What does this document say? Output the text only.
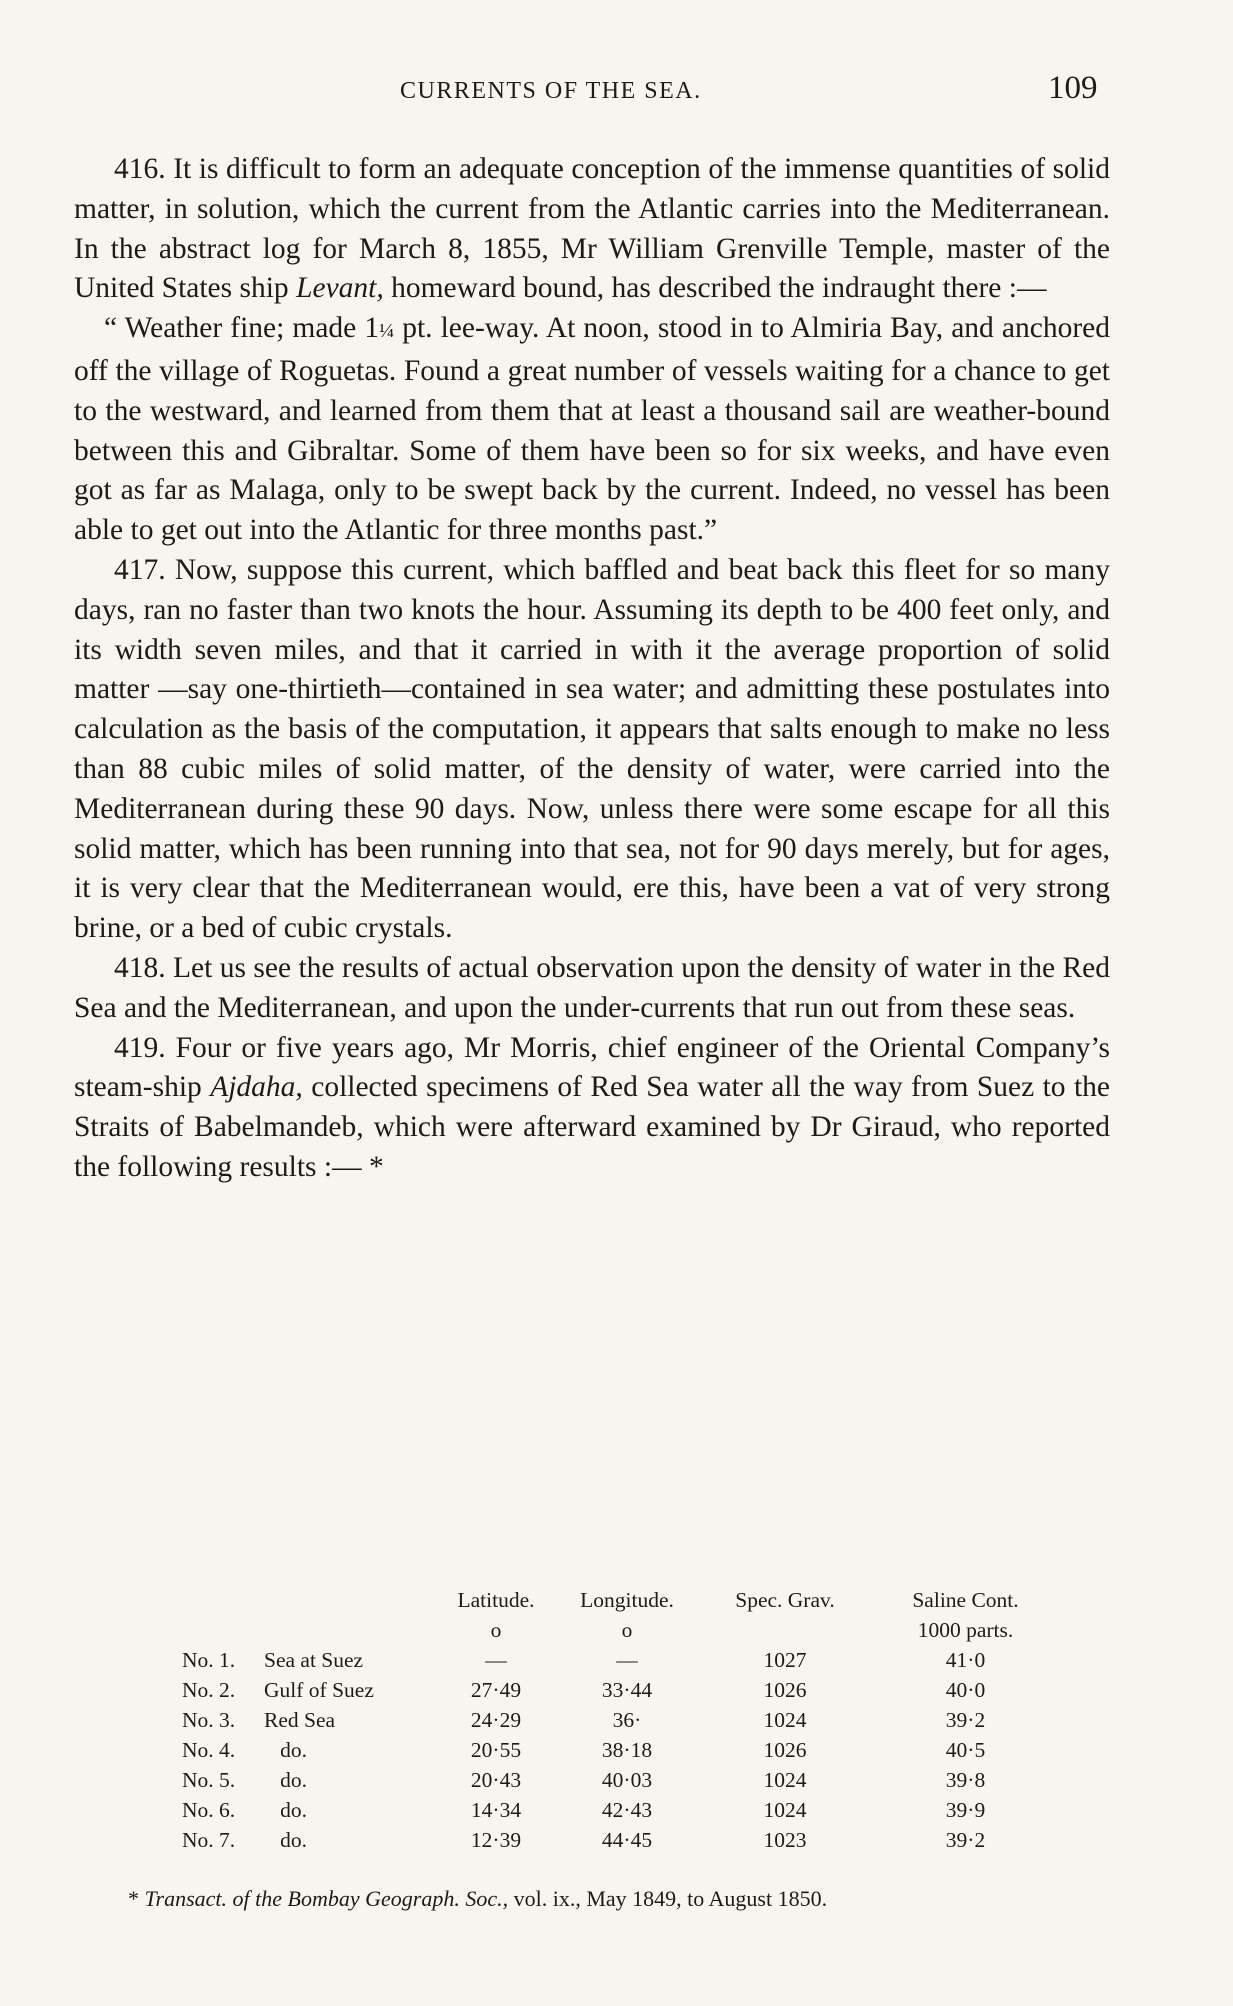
CURRENTS OF THE SEA.	109

416. It is difficult to form an adequate conception of the immense quantities of solid matter, in solution, which the current from the Atlantic carries into the Mediterranean. In the abstract log for March 8, 1855, Mr William Grenville Temple, master of the United States ship Levant, homeward bound, has described the indraught there :—

“ Weather fine; made 1¼ pt. lee-way. At noon, stood in to Almiria Bay, and anchored off the village of Roguetas. Found a great number of vessels waiting for a chance to get to the westward, and learned from them that at least a thousand sail are weather-bound between this and Gibraltar. Some of them have been so for six weeks, and have even got as far as Malaga, only to be swept back by the current. Indeed, no vessel has been able to get out into the Atlantic for three months past.”

417. Now, suppose this current, which baffled and beat back this fleet for so many days, ran no faster than two knots the hour. Assuming its depth to be 400 feet only, and its width seven miles, and that it carried in with it the average proportion of solid matter —say one-thirtieth—contained in sea water; and admitting these postulates into calculation as the basis of the computation, it appears that salts enough to make no less than 88 cubic miles of solid matter, of the density of water, were carried into the Mediterranean during these 90 days. Now, unless there were some escape for all this solid matter, which has been running into that sea, not for 90 days merely, but for ages, it is very clear that the Mediterranean would, ere this, have been a vat of very strong brine, or a bed of cubic crystals.

418. Let us see the results of actual observation upon the density of water in the Red Sea and the Mediterranean, and upon the under-currents that run out from these seas.

419. Four or five years ago, Mr Morris, chief engineer of the Oriental Company’s steam-ship Ajdaha, collected specimens of Red Sea water all the way from Suez to the Straits of Babelmandeb, which were afterward examined by Dr Giraud, who reported the following results :— *

		Latitude.	Longitude.	Spec. Grav.	Saline Cont.
		o	o		1000 parts.
No. 1.	Sea at Suez	—	—	1027	41·0
No. 2.	Gulf of Suez	27·49	33·44	1026	40·0
No. 3.	Red Sea	24·29	36·	1024	39·2
No. 4.	do.	20·55	38·18	1026	40·5
No. 5.	do.	20·43	40·03	1024	39·8
No. 6.	do.	14·34	42·43	1024	39·9
No. 7.	do.	12·39	44·45	1023	39·2
* Transact. of the Bombay Geograph. Soc., vol. ix., May 1849, to August 1850.
